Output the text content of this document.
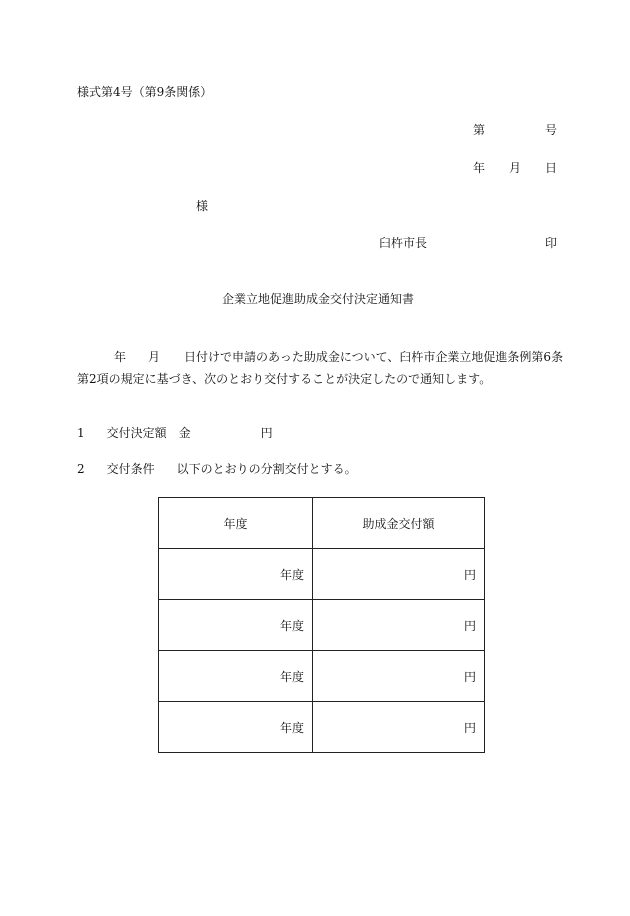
様式第4号（第9条関係）
第	号
年 月 日
様
臼杵市長	印
企業立地促進助成金交付決定通知書
年 月 日付けで申請のあった助成金について、臼杵市企業立地促進条例第6条第2項の規定に基づき、次のとおり交付することが決定したので通知します。
1 交付決定額 金	円
2 交付条件 以下のとおりの分割交付とする。
年度	助成金交付額
年度	円
年度	円
年度	円
年度	円
